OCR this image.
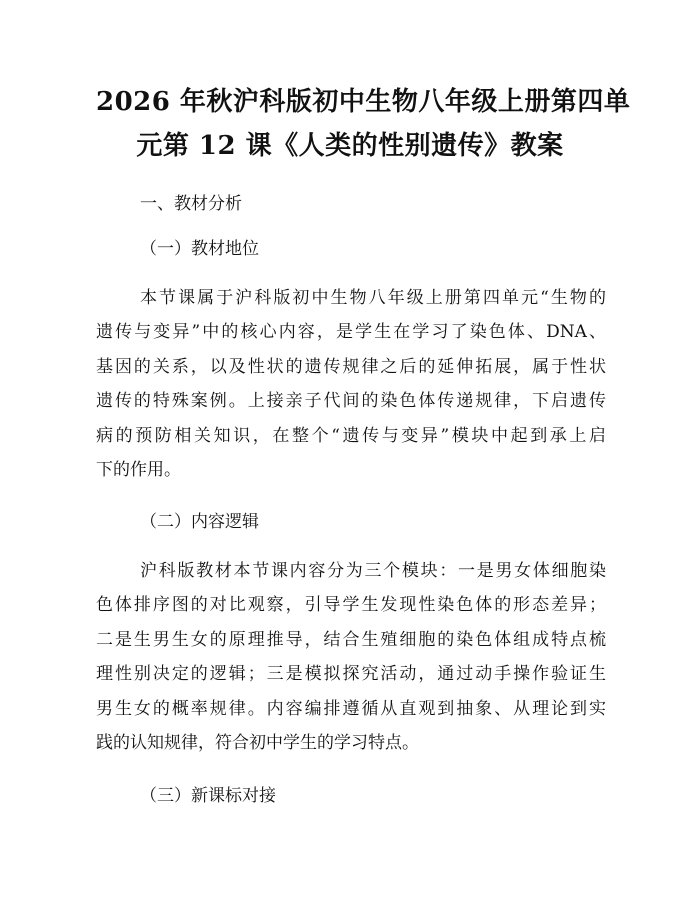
2026 年秋沪科版初中生物八年级上册第四单
元第 12 课《人类的性别遗传》教案
一、教材分析
（一）教材地位
本节课属于沪科版初中生物八年级上册第四单元“生物的
遗传与变异”中的核心内容，是学生在学习了染色体、DNA、
基因的关系，以及性状的遗传规律之后的延伸拓展，属于性状
遗传的特殊案例。上接亲子代间的染色体传递规律，下启遗传
病的预防相关知识，在整个“遗传与变异”模块中起到承上启
下的作用。
（二）内容逻辑
沪科版教材本节课内容分为三个模块：一是男女体细胞染
色体排序图的对比观察，引导学生发现性染色体的形态差异；
二是生男生女的原理推导，结合生殖细胞的染色体组成特点梳
理性别决定的逻辑；三是模拟探究活动，通过动手操作验证生
男生女的概率规律。内容编排遵循从直观到抽象、从理论到实
践的认知规律，符合初中学生的学习特点。
（三）新课标对接
